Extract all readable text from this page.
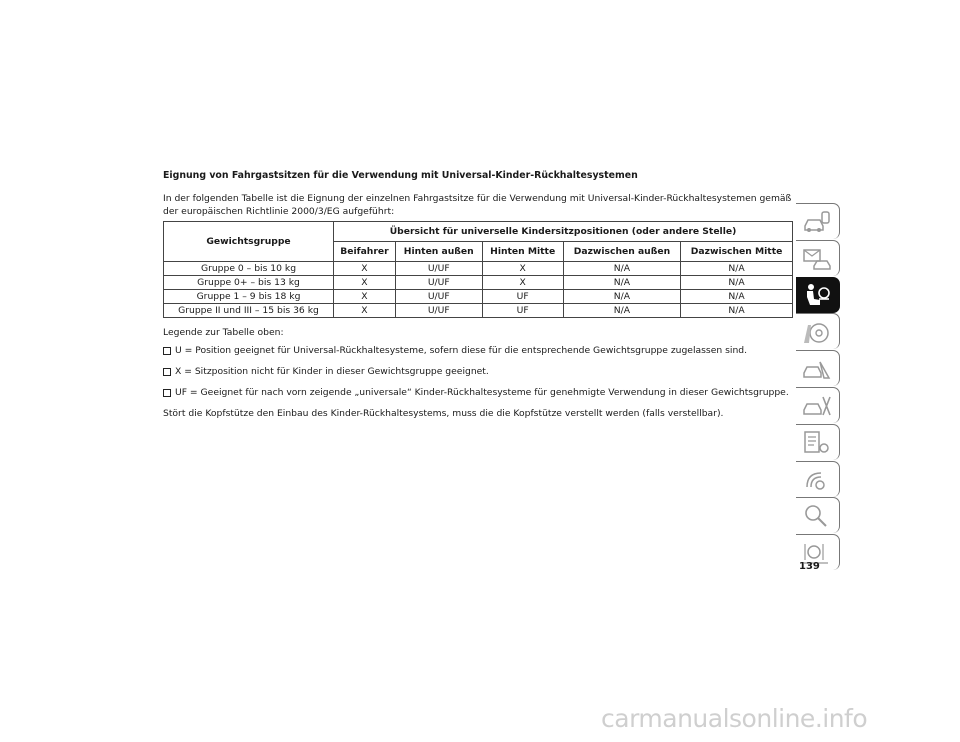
Eignung von Fahrgastsitzen für die Verwendung mit Universal-Kinder-Rückhaltesystemen

In der folgenden Tabelle ist die Eignung der einzelnen Fahrgastsitze für die Verwendung mit Universal-Kinder-Rückhaltesystemen gemäß der europäischen Richtlinie 2000/3/EG aufgeführt:

Gewichtsgruppe	Übersicht für universelle Kindersitzpositionen (oder andere Stelle)				
	Beifahrer	Hinten außen	Hinten Mitte	Dazwischen außen	Dazwischen Mitte
Gruppe 0 – bis 10 kg	X	U/UF	X	N/A	N/A
Gruppe 0+ – bis 13 kg	X	U/UF	X	N/A	N/A
Gruppe 1 – 9 bis 18 kg	X	U/UF	UF	N/A	N/A
Gruppe II und III – 15 bis 36 kg	X	U/UF	UF	N/A	N/A

Legende zur Tabelle oben:

U = Position geeignet für Universal-Rückhaltesysteme, sofern diese für die entsprechende Gewichtsgruppe zugelassen sind.
X = Sitzposition nicht für Kinder in dieser Gewichtsgruppe geeignet.
UF = Geeignet für nach vorn zeigende „universale“ Kinder-Rückhaltesysteme für genehmigte Verwendung in dieser Gewichtsgruppe.

Stört die Kopfstütze den Einbau des Kinder-Rückhaltesystems, muss die die Kopfstütze verstellt werden (falls verstellbar).

139
carmanualsonline.info
